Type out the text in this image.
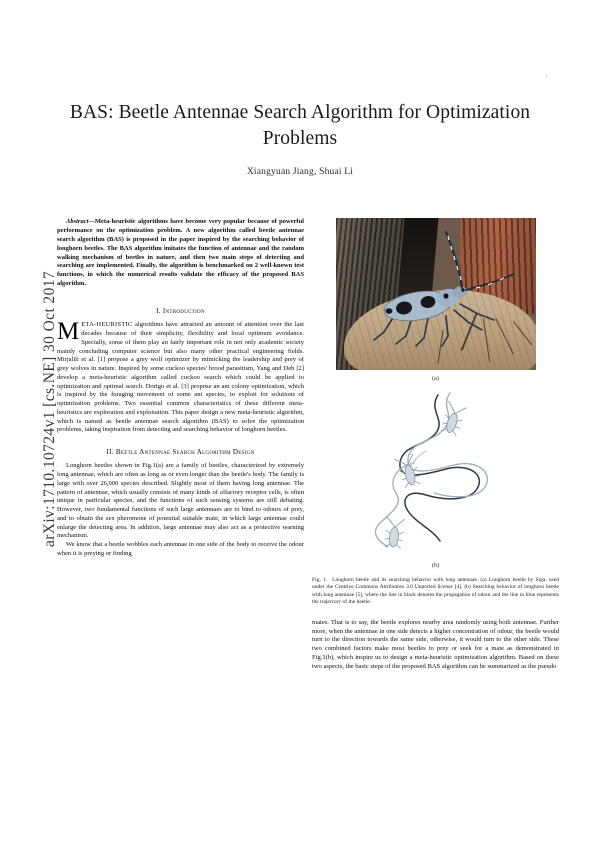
arXiv:1710.10724v1 [cs.NE] 30 Oct 2017
1
BAS: Beetle Antennae Search Algorithm for Optimization Problems
Xiangyuan Jiang, Shuai Li

Abstract—Meta-heuristic algorithms have become very popular because of powerful performance on the optimization problem. A new algorithm called beetle antennae search algorithm (BAS) is proposed in the paper inspired by the searching behavior of longhorn beetles. The BAS algorithm imitates the function of antennae and the random walking mechanism of beetles in nature, and then two main steps of detecting and searching are implemented. Finally, the algorithm is benchmarked on 2 well-known test functions, in which the numerical results validate the efficacy of the proposed BAS algorithm.

I. Introduction

META-HEURISTIC algorithms have attracted an amount of attention over the last decades because of their simplicity, flexibility and local optimum avoidance. Specially, some of them play an fairly important role in not only academic society mainly concluding computer science but also many other practical engineering fields. Mirjalili et al. [1] propose a grey wolf optimizer by mimicking the leadership and prey of grey wolves in nature. Inspired by some cuckoo species' brood parasitism, Yang and Deb [2] develop a meta-heuristic algorithm called cuckoo search which could be applied to optimization and optimal search. Dorigo et al. [3] propose an ant colony optimization, which is inspired by the foraging movement of some ant species, to exploit for solutions of optimization problems. Two essential common characteristics of these different meta-heuristics are exploration and exploitation. This paper design a new meta-heuristic algorithm, which is named as beetle antennae search algorithm (BAS) to solve the optimization problems, taking inspiration from detecting and searching behavior of longhorn beetles.

II. Beetle Antennae Search Algorithm Design

Longhorn beetles shown in Fig.1(a) are a family of beetles, characterized by extremely long antennae, which are often as long as or even longer than the beetle's body. The family is large with over 26,000 species described. Slightly most of them having long antennae. The pattern of antennae, which usually consists of many kinds of olfactory receptor cells, is often unique in particular species, and the functions of such sensing systems are still debating. However, two fundamental functions of such large antennaes are to bind to odours of prey, and to obtain the sex pheromone of potential suitable mate, in which large antennae could enlarge the detecting area. In addition, large antennae may also act as a protective warning mechanism.

We know that a beetle wobbles each antennae in one side of the body to receive the odour when it is preying or finding

(a)
(b)

Fig. 1. Longhorn beetle and its searching behavior with long antennae. (a) Longhorn beetle by Siga, used under the Creative Commons Attribution 3.0 Unported license [4]. (b) Searching behavior of longhorn beetle with long antennae [5], where the line in black denotes the propagation of odour and the line in blue represents the trajectory of the beetle.

mates. That is to say, the beetle explores nearby area randomly using both antennae. Further more, when the antennae in one side detects a higher concentration of odour, the beetle would turn to the direction towards the same side, otherwise, it would turn to the other side. These two combined factors make most beetles to prey or seek for a mate as demonstrated in Fig.1(b), which inspire us to design a meta-heuristic optimization algorithm. Based on these two aspects, the basic steps of the proposed BAS algorithm can be summarized as the pseudo
